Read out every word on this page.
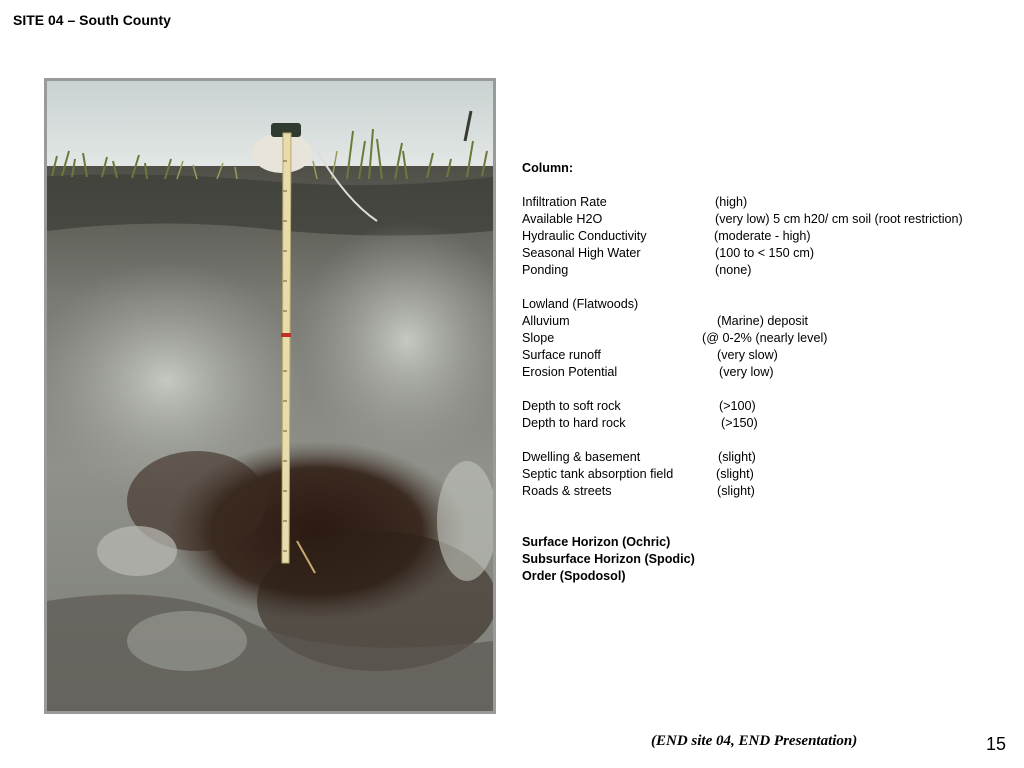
SITE 04 – South County
Column:
Infiltration Rate	(high)
Available H2O	(very low) 5 cm h20/ cm soil (root restriction)
Hydraulic Conductivity	(moderate - high)
Seasonal High Water	(100 to < 150 cm)
Ponding	(none)
Lowland (Flatwoods)
Alluvium	(Marine) deposit
Slope	(@ 0-2% (nearly level)
Surface runoff	(very slow)
Erosion Potential	(very low)
Depth to soft rock	(>100)
Depth to hard rock	(>150)
Dwelling & basement	(slight)
Septic tank absorption field	(slight)
Roads & streets	(slight)
Surface Horizon (Ochric)
Subsurface Horizon (Spodic)
Order (Spodosol)
(END site 04, END Presentation)	15
